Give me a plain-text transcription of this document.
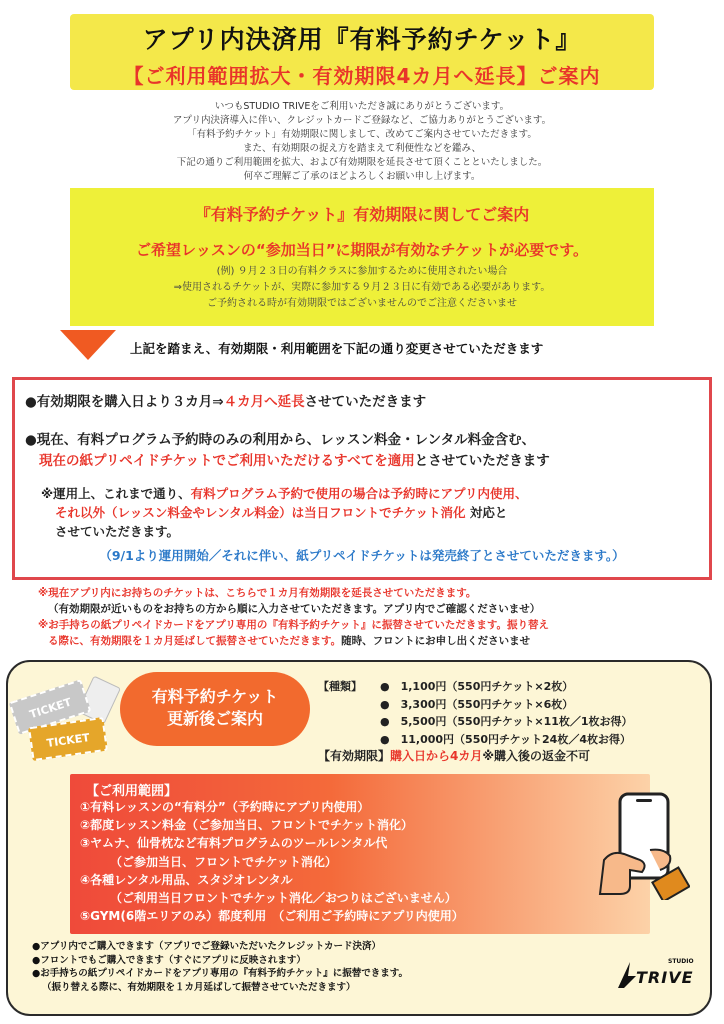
アプリ内決済用『有料予約チケット』
【ご利用範囲拡大・有効期限4カ月へ延長】ご案内
いつもSTUDIO TRIVEをご利用いただき誠にありがとうございます。
アプリ内決済導入に伴い、クレジットカードご登録など、ご協力ありがとうございます。
「有料予約チケット」有効期限に関しまして、改めてご案内させていただきます。
また、有効期限の捉え方を踏まえて利便性などを鑑み、
下記の通りご利用範囲を拡大、および有効期限を延長させて頂くことといたしました。
何卒ご理解ご了承のほどよろしくお願い申し上げます。
『有料予約チケット』有効期限に関してご案内
ご希望レッスンの“参加当日”に期限が有効なチケットが必要です。
(例) ９月２３日の有料クラスに参加するために使用されたい場合
⇒使用されるチケットが、実際に参加する９月２３日に有効である必要があります。
ご予約される時が有効期限ではございませんのでご注意くださいませ
上記を踏まえ、有効期限・利用範囲を下記の通り変更させていただきます
●有効期限を購入日より３カ月⇒４カ月へ延長させていただきます
●現在、有料プログラム予約時のみの利用から、レッスン料金・レンタル料金含む、
現在の紙プリペイドチケットでご利用いただけるすべてを適用とさせていただきます
※運用上、これまで通り、有料プログラム予約で使用の場合は予約時にアプリ内使用、
それ以外（レッスン料金やレンタル料金）は当日フロントでチケット消化 対応と
させていただきます。
（9/1より運用開始／それに伴い、紙プリペイドチケットは発売終了とさせていただきます。）
※現在アプリ内にお持ちのチケットは、こちらで１カ月有効期限を延長させていただきます。
（有効期限が近いものをお持ちの方から順に入力させていただきます。アプリ内でご確認くださいませ）
※お手持ちの紙プリペイドカードをアプリ専用の『有料予約チケット』に振替させていただきます。振り替え
る際に、有効期限を１カ月延ばして振替させていただきます。随時、フロントにお申し出くださいませ
TICKET
TICKET
有料予約チケット
更新後ご案内
【種類】	●　1,100円（550円チケット×2枚）
●　3,300円（550円チケット×6枚）
●　5,500円（550円チケット×11枚／1枚お得）
●　11,000円（550円チケット24枚／4枚お得）
【有効期限】 購入日から4カ月 ※購入後の返金不可
【ご利用範囲】
①有料レッスンの“有料分”（予約時にアプリ内使用）
②都度レッスン料金（ご参加当日、フロントでチケット消化）
③ヤムナ、仙骨枕など有料プログラムのツールレンタル代
　　　（ご参加当日、フロントでチケット消化）
④各種レンタル用品、スタジオレンタル
　　　（ご利用当日フロントでチケット消化／おつりはございません）
⑤GYM(6階エリアのみ）都度利用　（ご利用ご予約時にアプリ内使用）
●アプリ内でご購入できます（アプリでご登録いただいたクレジットカード決済）
●フロントでもご購入できます（すぐにアプリに反映されます）
●お手持ちの紙プリペイドカードをアプリ専用の『有料予約チケット』に振替できます。
（振り替える際に、有効期限を１カ月延ばして振替させていただきます）
STUDIO
TRIVE
